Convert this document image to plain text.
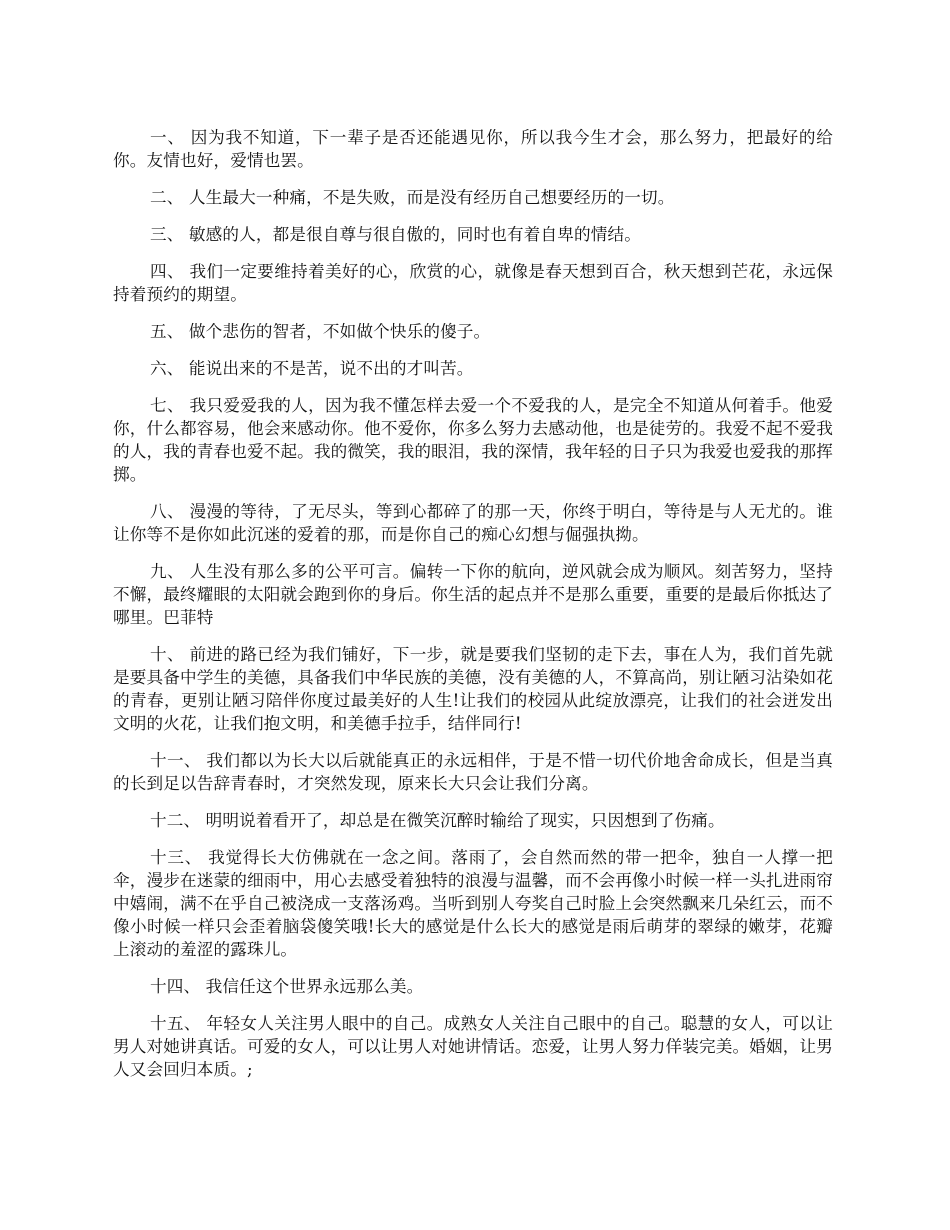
一、 因为我不知道，下一辈子是否还能遇见你，所以我今生才会，那么努力，把最好的给你。友情也好，爱情也罢。

二、 人生最大一种痛，不是失败，而是没有经历自己想要经历的一切。

三、 敏感的人，都是很自尊与很自傲的，同时也有着自卑的情结。

四、 我们一定要维持着美好的心，欣赏的心，就像是春天想到百合，秋天想到芒花，永远保持着预约的期望。

五、 做个悲伤的智者，不如做个快乐的傻子。

六、 能说出来的不是苦，说不出的才叫苦。

七、 我只爱爱我的人，因为我不懂怎样去爱一个不爱我的人，是完全不知道从何着手。他爱你，什么都容易，他会来感动你。他不爱你，你多么努力去感动他，也是徒劳的。我爱不起不爱我的人，我的青春也爱不起。我的微笑，我的眼泪，我的深情，我年轻的日子只为我爱也爱我的那挥掷。

八、 漫漫的等待，了无尽头，等到心都碎了的那一天，你终于明白，等待是与人无尤的。谁让你等不是你如此沉迷的爱着的那，而是你自己的痴心幻想与倔强执拗。

九、 人生没有那么多的公平可言。偏转一下你的航向，逆风就会成为顺风。刻苦努力，坚持不懈，最终耀眼的太阳就会跑到你的身后。你生活的起点并不是那么重要，重要的是最后你抵达了哪里。巴菲特

十、 前进的路已经为我们铺好，下一步，就是要我们坚韧的走下去，事在人为，我们首先就是要具备中学生的美德，具备我们中华民族的美德，没有美德的人，不算高尚，别让陋习沾染如花的青春，更别让陋习陪伴你度过最美好的人生!让我们的校园从此绽放漂亮，让我们的社会迸发出文明的火花，让我们抱文明，和美德手拉手，结伴同行!

十一、 我们都以为长大以后就能真正的永远相伴，于是不惜一切代价地舍命成长，但是当真的长到足以告辞青春时，才突然发现，原来长大只会让我们分离。

十二、 明明说着看开了，却总是在微笑沉醉时输给了现实，只因想到了伤痛。

十三、 我觉得长大仿佛就在一念之间。落雨了，会自然而然的带一把伞，独自一人撑一把伞，漫步在迷蒙的细雨中，用心去感受着独特的浪漫与温馨，而不会再像小时候一样一头扎进雨帘中嬉闹，满不在乎自己被浇成一支落汤鸡。当听到别人夸奖自己时脸上会突然飘来几朵红云，而不像小时候一样只会歪着脑袋傻笑哦!长大的感觉是什么长大的感觉是雨后萌芽的翠绿的嫩芽，花瓣上滚动的羞涩的露珠儿。

十四、 我信任这个世界永远那么美。

十五、 年轻女人关注男人眼中的自己。成熟女人关注自己眼中的自己。聪慧的女人，可以让男人对她讲真话。可爱的女人，可以让男人对她讲情话。恋爱，让男人努力佯装完美。婚姻，让男人又会回归本质。;
